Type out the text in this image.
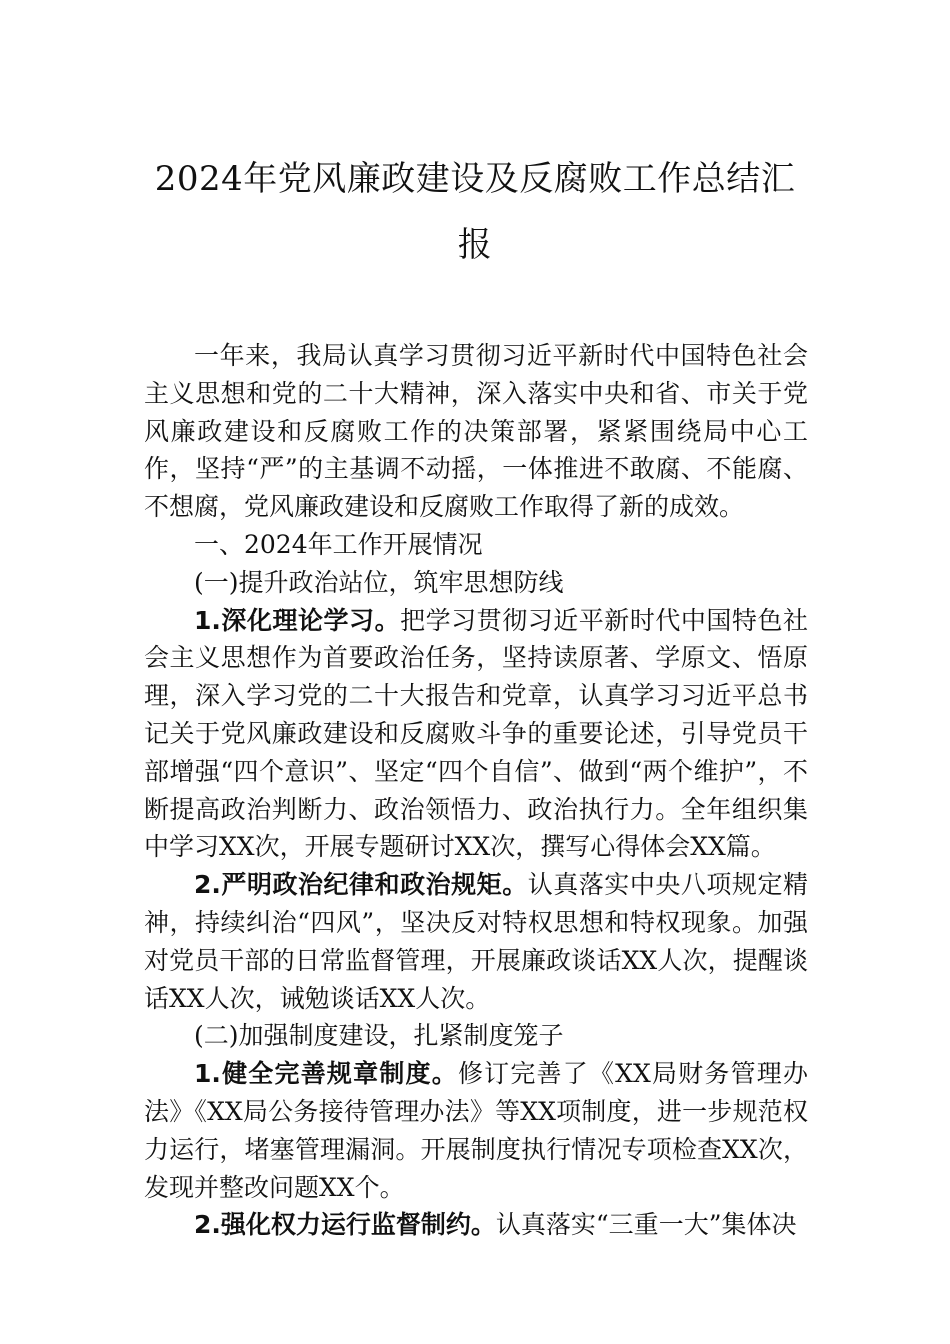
2024年党风廉政建设及反腐败工作总结汇报

一年来，我局认真学习贯彻习近平新时代中国特色社会主义思想和党的二十大精神，深入落实中央和省、市关于党风廉政建设和反腐败工作的决策部署，紧紧围绕局中心工作，坚持“严”的主基调不动摇，一体推进不敢腐、不能腐、不想腐，党风廉政建设和反腐败工作取得了新的成效。

一、2024年工作开展情况

(一)提升政治站位，筑牢思想防线

1.深化理论学习。把学习贯彻习近平新时代中国特色社会主义思想作为首要政治任务，坚持读原著、学原文、悟原理，深入学习党的二十大报告和党章，认真学习习近平总书记关于党风廉政建设和反腐败斗争的重要论述，引导党员干部增强“四个意识”、坚定“四个自信”、做到“两个维护”，不断提高政治判断力、政治领悟力、政治执行力。全年组织集中学习XX次，开展专题研讨XX次，撰写心得体会XX篇。

2.严明政治纪律和政治规矩。认真落实中央八项规定精神，持续纠治“四风”，坚决反对特权思想和特权现象。加强对党员干部的日常监督管理，开展廉政谈话XX人次，提醒谈话XX人次，诫勉谈话XX人次。

(二)加强制度建设，扎紧制度笼子

1.健全完善规章制度。修订完善了《XX局财务管理办法》《XX局公务接待管理办法》等XX项制度，进一步规范权力运行，堵塞管理漏洞。开展制度执行情况专项检查XX次，发现并整改问题XX个。

2.强化权力运行监督制约。认真落实“三重一大”集体决
